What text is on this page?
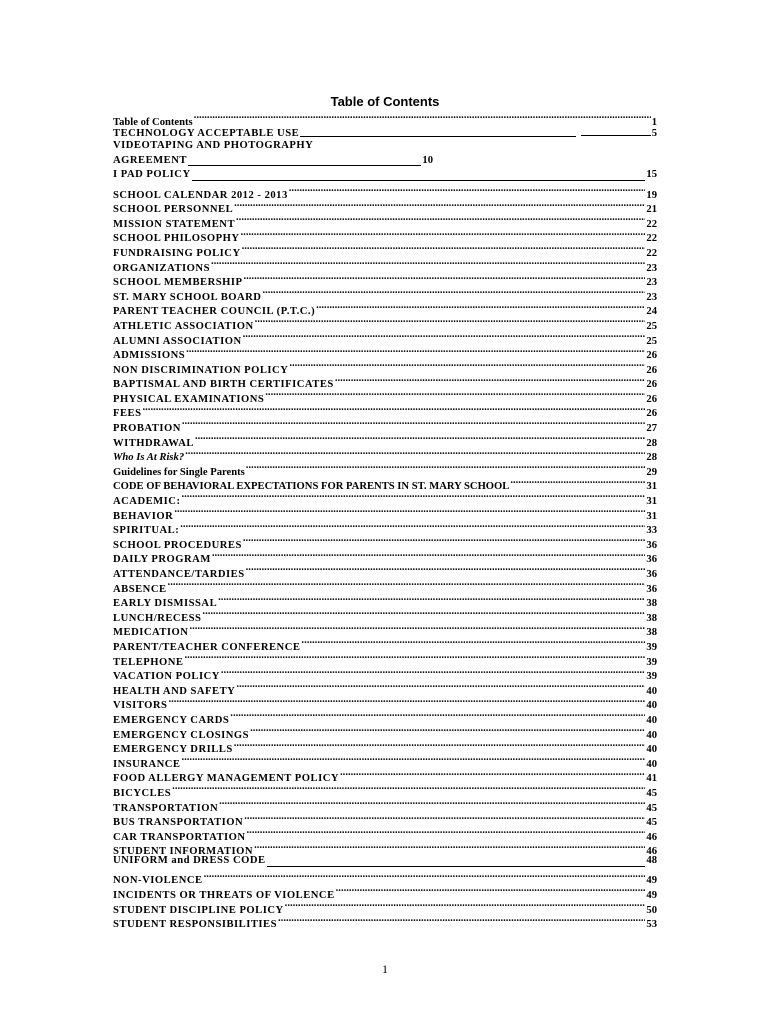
Table of Contents
Table of Contents .....	1
TECHNOLOGY ACCEPTABLE USE	5
VIDEOTAPING AND PHOTOGRAPHY
AGREEMENT	10
I PAD POLICY	15
SCHOOL CALENDAR 2012 - 2013 .....	19
SCHOOL PERSONNEL .....	21
MISSION STATEMENT .....	22
SCHOOL PHILOSOPHY .....	22
FUNDRAISING POLICY .....	22
ORGANIZATIONS .....	23
SCHOOL MEMBERSHIP .....	23
ST. MARY SCHOOL BOARD .....	23
PARENT TEACHER COUNCIL (P.T.C.) .....	24
ATHLETIC ASSOCIATION .....	25
ALUMNI ASSOCIATION .....	25
ADMISSIONS .....	26
NON DISCRIMINATION POLICY .....	26
BAPTISMAL AND BIRTH CERTIFICATES .....	26
PHYSICAL EXAMINATIONS .....	26
FEES .....	26
PROBATION .....	27
WITHDRAWAL .....	28
Who Is At Risk? .....	28
Guidelines for Single Parents .....	29
CODE OF BEHAVIORAL EXPECTATIONS FOR PARENTS IN ST. MARY SCHOOL .....	31
ACADEMIC: .....	31
BEHAVIOR .....	31
SPIRITUAL: .....	33
SCHOOL PROCEDURES .....	36
DAILY PROGRAM .....	36
ATTENDANCE/TARDIES .....	36
ABSENCE .....	36
EARLY DISMISSAL .....	38
LUNCH/RECESS .....	38
MEDICATION .....	38
PARENT/TEACHER CONFERENCE .....	39
TELEPHONE .....	39
VACATION POLICY .....	39
HEALTH AND SAFETY .....	40
VISITORS .....	40
EMERGENCY CARDS .....	40
EMERGENCY CLOSINGS .....	40
EMERGENCY DRILLS .....	40
INSURANCE .....	40
FOOD ALLERGY MANAGEMENT POLICY .....	41
BICYCLES .....	45
TRANSPORTATION .....	45
BUS TRANSPORTATION .....	45
CAR TRANSPORTATION .....	46
STUDENT INFORMATION .....	46
UNIFORM and DRESS CODE	48
NON-VIOLENCE .....	49
INCIDENTS OR THREATS OF VIOLENCE .....	49
STUDENT DISCIPLINE POLICY .....	50
STUDENT RESPONSIBILITIES .....	53
1
